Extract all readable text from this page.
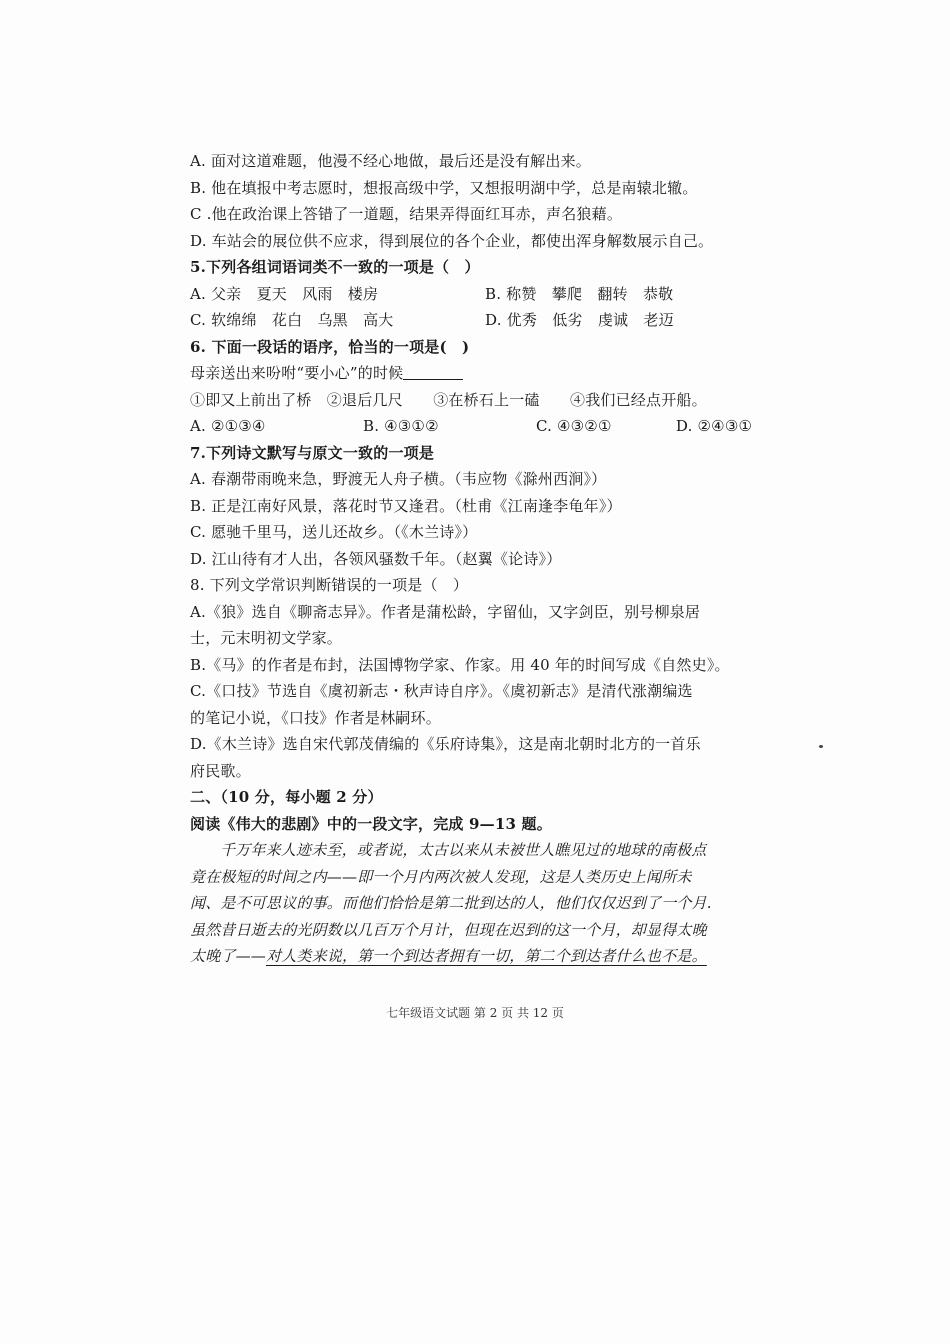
A. 面对这道难题，他漫不经心地做，最后还是没有解出来。
B. 他在填报中考志愿时，想报高级中学，又想报明湖中学，总是南辕北辙。
C .他在政治课上答错了一道题，结果弄得面红耳赤，声名狼藉。
D. 车站会的展位供不应求，得到展位的各个企业，都使出浑身解数展示自己。
5.下列各组词语词类不一致的一项是（　）
A. 父亲　夏天　风雨　楼房	B. 称赞　攀爬　翻转　恭敬
C. 软绵绵　花白　乌黑　高大	D. 优秀　低劣　虔诚　老迈
6. 下面一段话的语序，恰当的一项是(　)
母亲送出来吩咐“要小心”的时候
①即又上前出了桥　②退后几尺　　③在桥石上一磕　　④我们已经点开船。
A. ②①③④	B. ④③①②	C. ④③②①	D. ②④③①
7.下列诗文默写与原文一致的一项是
A. 春潮带雨晚来急，野渡无人舟子横。（韦应物《滁州西涧》）
B. 正是江南好风景，落花时节又逢君。（杜甫《江南逢李龟年》）
C. 愿驰千里马，送儿还故乡。（《木兰诗》）
D. 江山待有才人出，各领风骚数千年。（赵翼《论诗》）
8. 下列文学常识判断错误的一项是（　）
A.《狼》选自《聊斋志异》。作者是蒲松龄，字留仙，又字剑臣，别号柳泉居
士，元末明初文学家。
B.《马》的作者是布封，法国博物学家、作家。用 40 年的时间写成《自然史》。
C.《口技》节选自《虞初新志・秋声诗自序》。《虞初新志》是清代涨潮编选
的笔记小说，《口技》作者是林嗣环。
D.《木兰诗》选自宋代郭茂倩编的《乐府诗集》，这是南北朝时北方的一首乐
府民歌。
二、（10 分，每小题 2 分）
阅读《伟大的悲剧》中的一段文字，完成 9—13 题。
千万年来人迹未至，或者说，太古以来从未被世人瞧见过的地球的南极点
竟在极短的时间之内——即一个月内两次被人发现，这是人类历史上闻所未
闻、是不可思议的事。而他们恰恰是第二批到达的人，他们仅仅迟到了一个月.
虽然昔日逝去的光阴数以几百万个月计，但现在迟到的这一个月，却显得太晚
太晚了——对人类来说，第一个到达者拥有一切，第二个到达者什么也不是。
七年级语文试题 第 2 页 共 12 页
